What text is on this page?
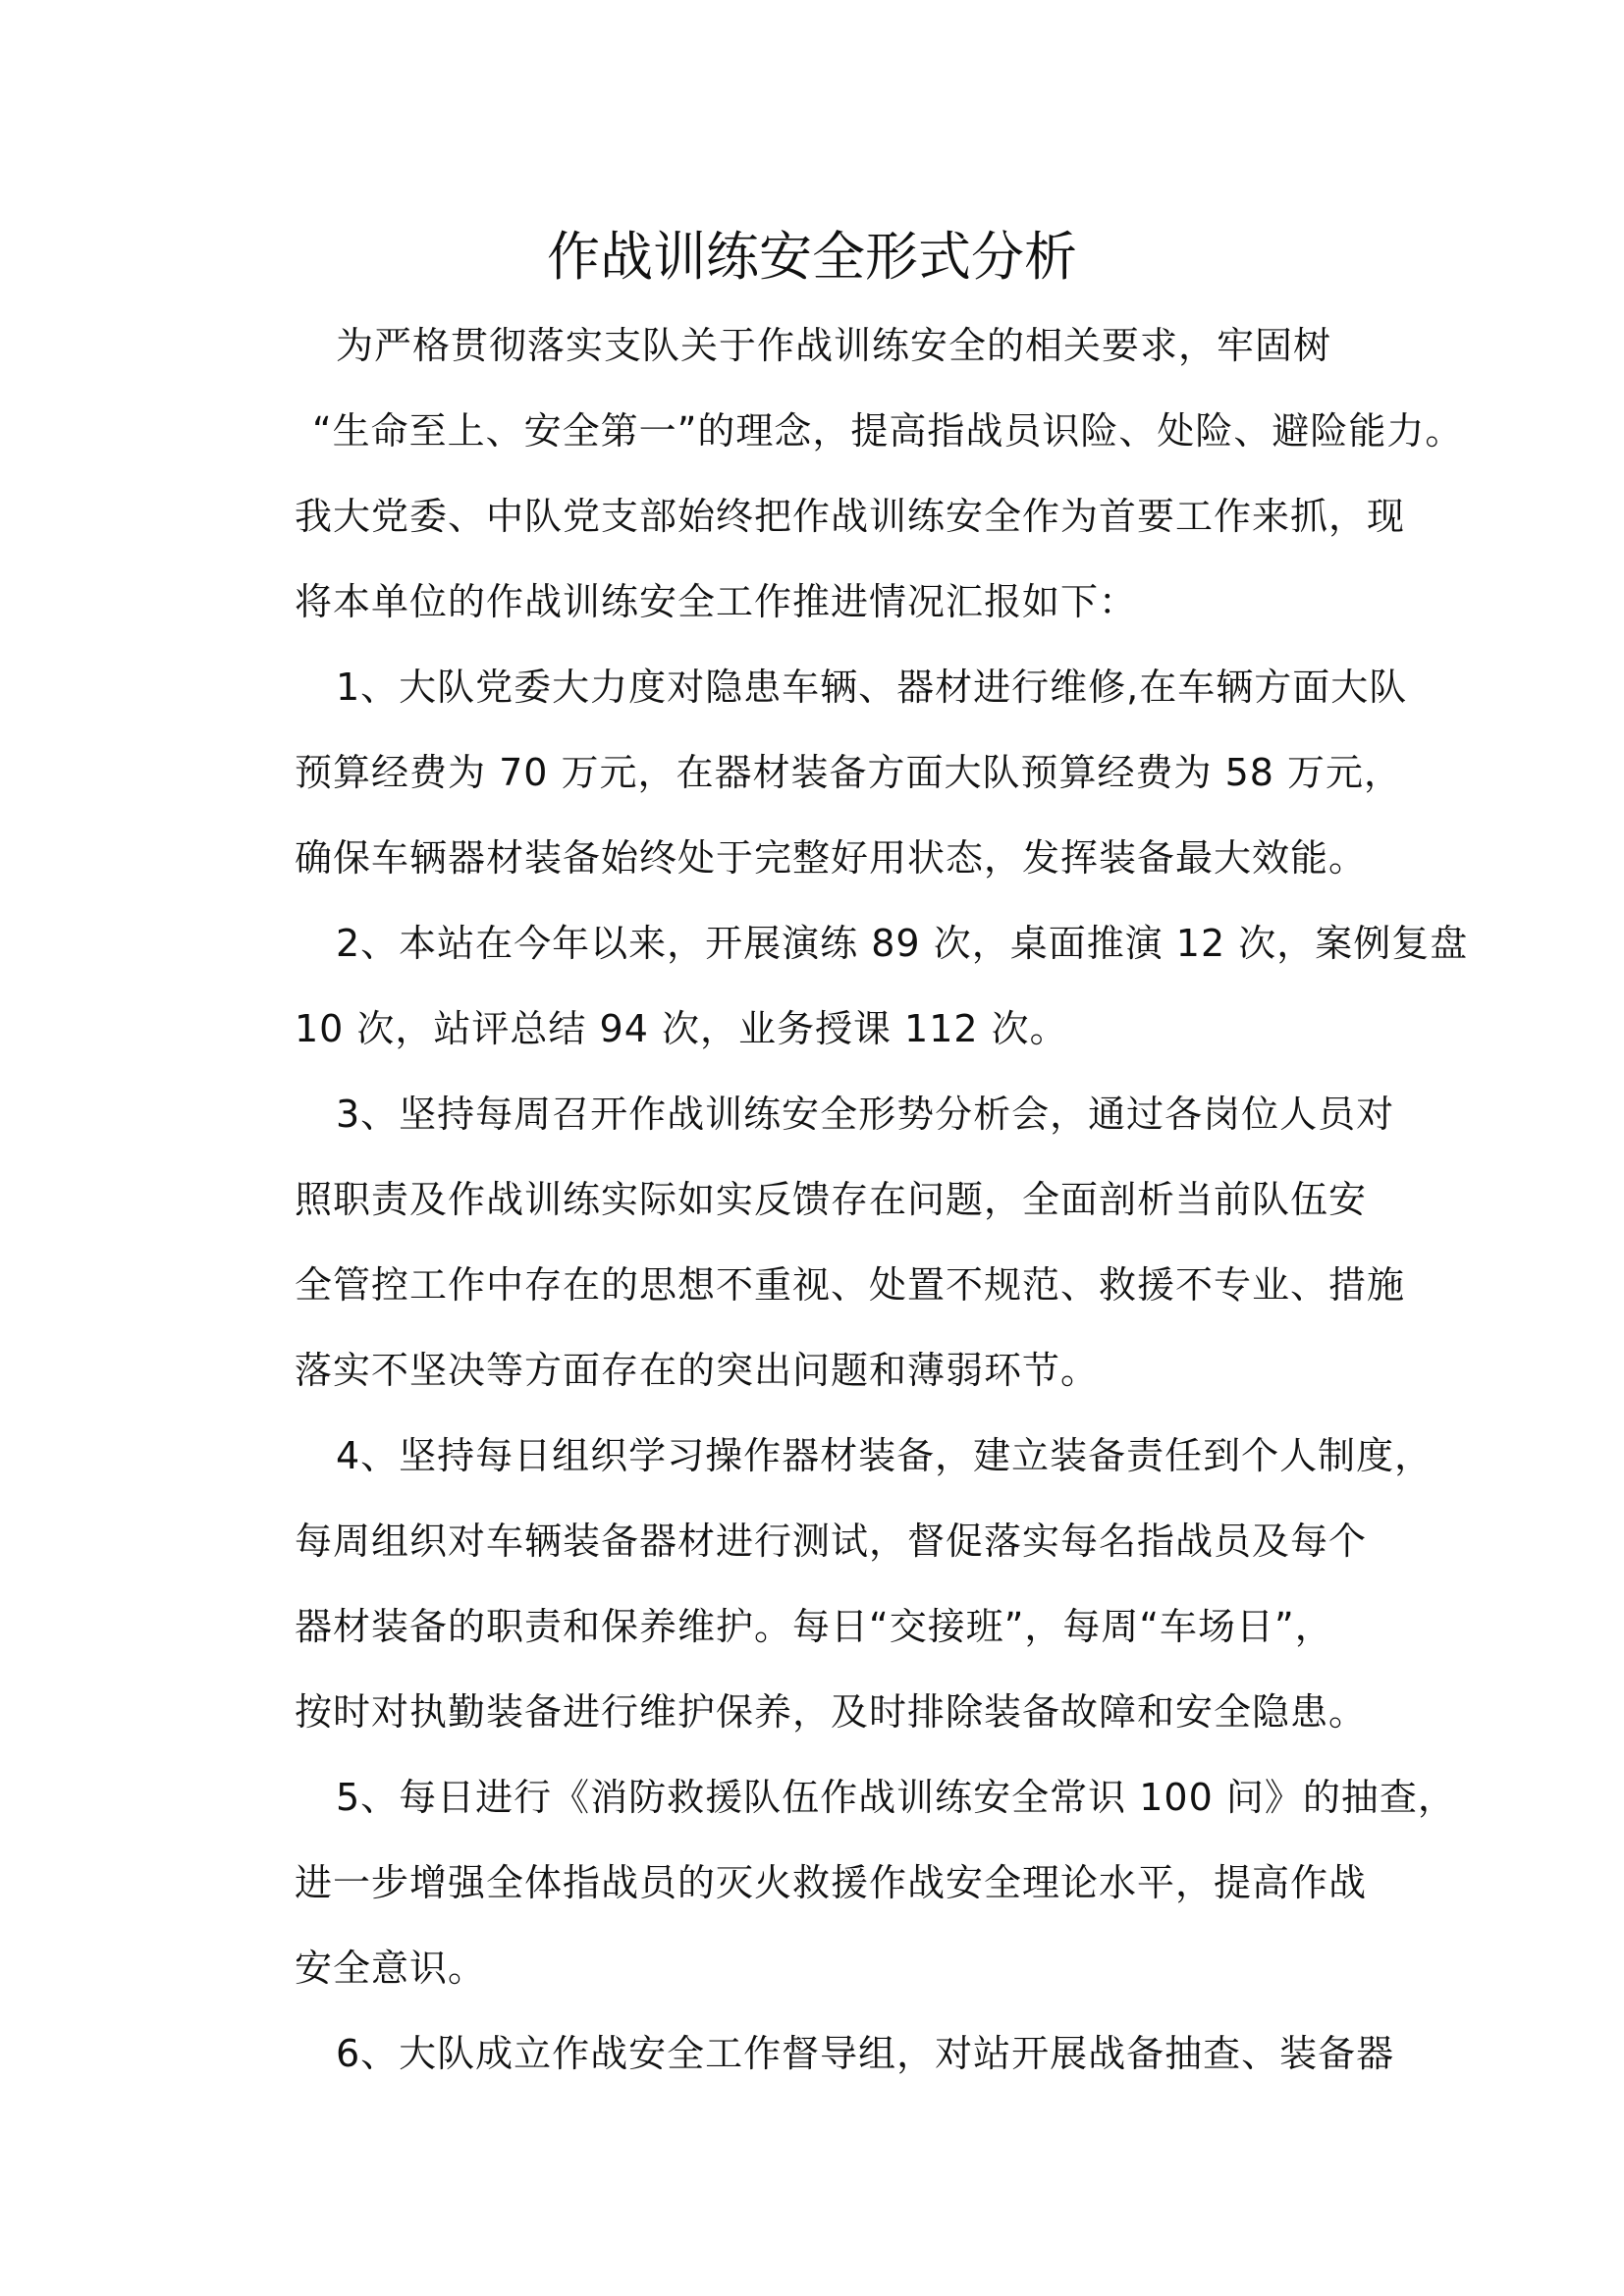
作战训练安全形式分析
为严格贯彻落实支队关于作战训练安全的相关要求，牢固树
“生命至上、安全第一”的理念，提高指战员识险、处险、避险能力。
我大党委、中队党支部始终把作战训练安全作为首要工作来抓，现
将本单位的作战训练安全工作推进情况汇报如下：
1、大队党委大力度对隐患车辆、器材进行维修,在车辆方面大队
预算经费为 70 万元，在器材装备方面大队预算经费为 58 万元，
确保车辆器材装备始终处于完整好用状态，发挥装备最大效能。
2、本站在今年以来，开展演练 89 次，桌面推演 12 次，案例复盘
10 次，站评总结 94 次，业务授课 112 次。
3、坚持每周召开作战训练安全形势分析会，通过各岗位人员对
照职责及作战训练实际如实反馈存在问题，全面剖析当前队伍安
全管控工作中存在的思想不重视、处置不规范、救援不专业、措施
落实不坚决等方面存在的突出问题和薄弱环节。
4、坚持每日组织学习操作器材装备，建立装备责任到个人制度，
每周组织对车辆装备器材进行测试，督促落实每名指战员及每个
器材装备的职责和保养维护。每日“交接班”，每周“车场日”，
按时对执勤装备进行维护保养，及时排除装备故障和安全隐患。
5、每日进行《消防救援队伍作战训练安全常识 100 问》的抽查，
进一步增强全体指战员的灭火救援作战安全理论水平，提高作战
安全意识。
6、大队成立作战安全工作督导组，对站开展战备抽查、装备器
